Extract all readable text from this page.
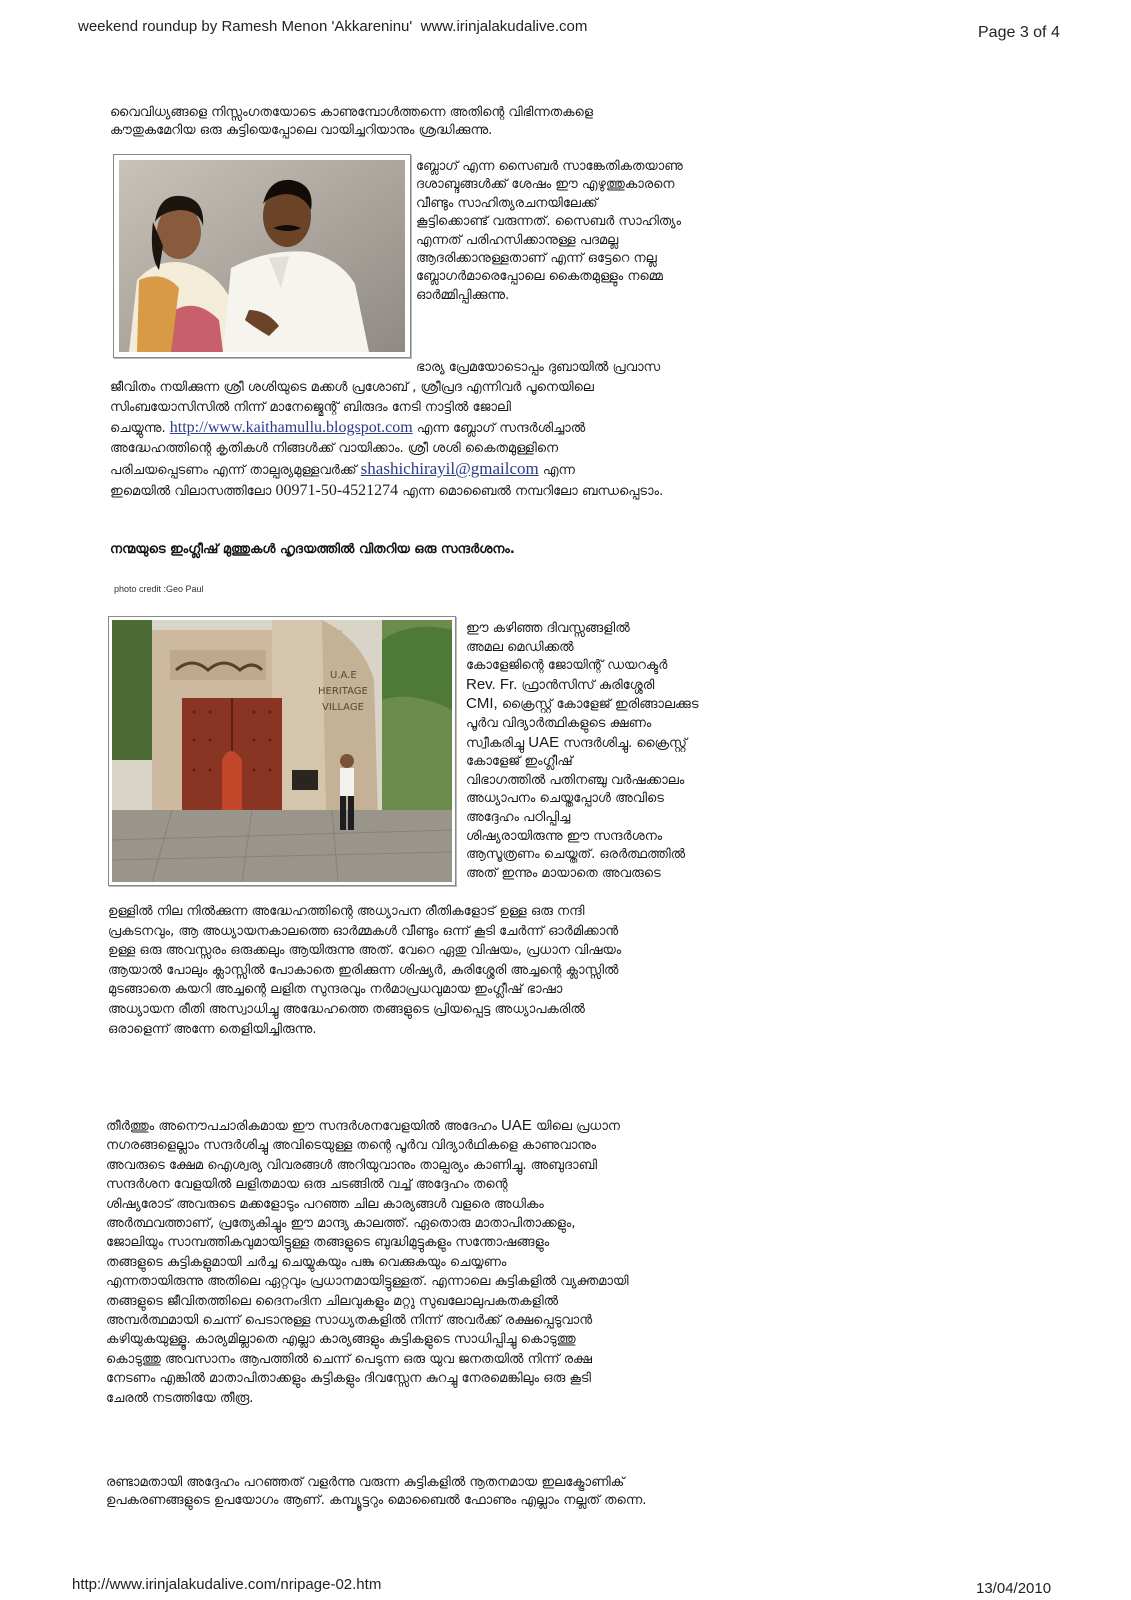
weekend roundup by Ramesh Menon 'Akkareninu' www.irinjalakudalive.com	Page 3 of 4
വൈവിധ്യങ്ങളെ നിസ്സംഗതയോടെ കാണുമ്പോൾത്തന്നെ അതിന്റെ വിഭിന്നതകളെ
കൗതുകമേറിയ ഒരു കുട്ടിയെപ്പോലെ വായിച്ചറിയാനും ശ്രദ്ധിക്കുന്നു.
ബ്ലോഗ് എന്ന സൈബർ സാങ്കേതികതയാണു
ദശാബ്ദങ്ങൾക്ക് ശേഷം ഈ എഴുത്തുകാരനെ
വീണ്ടും സാഹിത്യരചനയിലേക്ക്
കൂട്ടിക്കൊണ്ട് വരുന്നത്. സൈബർ സാഹിത്യം
എന്നത് പരിഹസിക്കാനുള്ള പദമല്ല
ആദരിക്കാനുള്ളതാണ് എന്ന് ഒട്ടേറെ നല്ല
ബ്ലോഗർമാരെപ്പോലെ കൈതമുള്ളും നമ്മെ
ഓർമ്മിപ്പിക്കുന്നു.
ഭാര്യ പ്രേമയോടൊപ്പം ദുബായിൽ പ്രവാസ
ജീവിതം നയിക്കുന്ന ശ്രീ ശശിയുടെ മക്കൾ പ്രശോബ് , ശ്രീപ്രദ എന്നിവർ പൂനെയിലെ
സിംബയോസിസിൽ നിന്ന് മാനേജ്മെന്റ് ബിരുദം നേടി നാട്ടിൽ ജോലി
ചെയ്യുന്നു. http://www.kaithamullu.blogspot.com എന്ന ബ്ലോഗ് സന്ദർശിച്ചാൽ
അദ്ധേഹത്തിന്റെ കൃതികൾ നിങ്ങൾക്ക് വായിക്കാം. ശ്രീ ശശി കൈതമുള്ളിനെ
പരിചയപ്പെടണം എന്ന് താല്പര്യമുള്ളവർക്ക് shashichirayil@gmailcom എന്ന
ഇമെയിൽ വിലാസത്തിലോ 00971-50-4521274 എന്ന മൊബൈൽ നമ്പറിലോ ബന്ധപ്പെടാം.
നന്മയുടെ ഇംഗ്ലീഷ് മുത്തുകൾ ഹൃദയത്തിൽ വിതറിയ ഒരു സന്ദർശനം.
photo credit :Geo Paul
U.A.E
HERITAGE
VILLAGE
ഈ കഴിഞ്ഞ ദിവസ്സങ്ങളിൽ
അമല മെഡിക്കൽ
കോളേജിന്റെ ജോയിന്റ് ഡയറക്ടർ
Rev. Fr. ഫ്രാൻസിസ് കുരിശ്ശേരി
CMI, ക്രൈസ്റ്റ് കോളേജ് ഇരിങ്ങാലക്കുട
പൂർവ വിദ്യാർത്ഥികളുടെ ക്ഷണം
സ്വീകരിച്ചു UAE സന്ദർശിച്ചു. ക്രൈസ്റ്റ്
കോളേജ് ഇംഗ്ലീഷ്
വിഭാഗത്തിൽ പതിനഞ്ചു വർഷക്കാലം
അധ്യാപനം ചെയ്തപ്പോൾ അവിടെ
അദ്ദേഹം പഠിപ്പിച്ച
ശിഷ്യരായിരുന്നു ഈ സന്ദർശനം
ആസൂത്രണം ചെയ്തത്. ഒരർത്ഥത്തിൽ
അത് ഇന്നും മായാതെ അവരുടെ
ഉള്ളിൽ നില നിൽക്കുന്ന അദ്ധേഹത്തിന്റെ അധ്യാപന രീതികളോട് ഉള്ള ഒരു നന്ദി
പ്രകടനവും, ആ അധ്യായനകാലത്തെ ഓർമ്മകൾ വീണ്ടും ഒന്ന് കൂടി ചേർന്ന് ഓർമിക്കാൻ
ഉള്ള ഒരു അവസ്സരം ഒരുക്കലും ആയിരുന്നു അത്. വേറെ ഏതു വിഷയം, പ്രധാന വിഷയം
ആയാൽ പോലും ക്ലാസ്സിൽ പോകാതെ ഇരിക്കുന്ന ശിഷ്യർ, കുരിശ്ശേരി അച്ചന്റെ ക്ലാസ്സിൽ
മുടങ്ങാതെ കയറി അച്ചന്റെ ലളിത സുന്ദരവും നർമാപ്രധവുമായ ഇംഗ്ലീഷ് ഭാഷാ
അധ്യായന രീതി അസ്വാധിച്ചു അദ്ധേഹത്തെ തങ്ങളുടെ പ്രിയപ്പെട്ട അധ്യാപകരിൽ
ഒരാളെന്ന് അന്നേ തെളിയിച്ചിരുന്നു.
തീർത്തും അനൌപചാരികമായ ഈ സന്ദർശനവേളയിൽ അദേഹം UAE യിലെ പ്രധാന
നഗരങ്ങളെല്ലാം സന്ദർശിച്ചു അവിടെയുള്ള തന്റെ പൂർവ വിദ്യാർഥികളെ കാണുവാനും
അവരുടെ ക്ഷേമ ഐശ്വര്യ വിവരങ്ങൾ അറിയുവാനും താല്പര്യം കാണിച്ചു. അബുദാബി
സന്ദർശന വേളയിൽ ലളിതമായ ഒരു ചടങ്ങിൽ വച്ച് അദ്ദേഹം തന്റെ
ശിഷ്യരോട് അവരുടെ മക്കളോടും പറഞ്ഞ ചില കാര്യങ്ങൾ വളരെ അധികം
അർത്ഥവത്താണ്, പ്രത്യേകിച്ചും ഈ മാന്ദ്യ കാലത്ത്. ഏതൊരു മാതാപിതാക്കളും,
ജോലിയും സാമ്പത്തികവുമായിട്ടുള്ള തങ്ങളുടെ ബുദ്ധിമുട്ടുകളും സന്തോഷങ്ങളും
തങ്ങളുടെ കുട്ടികളുമായി ചർച്ച ചെയ്യുകയും പങ്കു വെക്കുകയും ചെയ്യണം
എന്നതായിരുന്നു അതിലെ ഏറ്റവും പ്രധാനമായിട്ടുള്ളത്. എന്നാലെ കുട്ടികളിൽ വ്യക്തമായി
തങ്ങളുടെ ജീവിതത്തിലെ ദൈനംദിന ചിലവുകളും മറ്റു സുഖലോലുപകതകളിൽ
അമ്പർത്ഥമായി ചെന്ന് പെടാനുള്ള സാധ്യതകളിൽ നിന്ന് അവർക്ക് രക്ഷപ്പെടുവാൻ
കഴിയുകയുള്ളൂ. കാര്യമില്ലാതെ എല്ലാ കാര്യങ്ങളും കുട്ടികളുടെ സാധിപ്പിച്ചു കൊടുത്തു
കൊടുത്തു അവസാനം ആപത്തിൽ ചെന്ന് പെടുന്ന ഒരു യുവ ജനതയിൽ നിന്ന് രക്ഷ
നേടണം എങ്കിൽ മാതാപിതാക്കളും കുട്ടികളും ദിവസ്സേന കുറച്ചു നേരമെങ്കിലും ഒരു കൂടി
ചേരൽ നടത്തിയേ തീരൂ.
രണ്ടാമതായി അദ്ദേഹം പറഞ്ഞത് വളർന്നു വരുന്ന കുട്ടികളിൽ നൂതനമായ ഇലക്ട്രോണിക്
ഉപകരണങ്ങളുടെ ഉപയോഗം ആണ്. കമ്പ്യൂട്ടറും മൊബൈൽ ഫോണും എല്ലാം നല്ലത് തന്നെ.
http://www.irinjalakudalive.com/nripage-02.htm	13/04/2010
